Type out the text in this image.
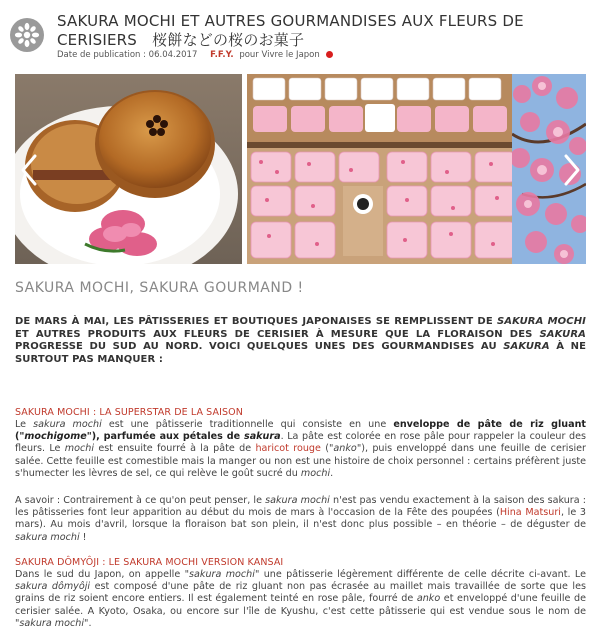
SAKURA MOCHI ET AUTRES GOURMANDISES AUX FLEURS DE CERISIERS　桜餅などの桜のお菓子
Date de publication : 06.04.2017 F.F.Y. pour Vivre le Japon
SAKURA MOCHI, SAKURA GOURMAND !
DE MARS À MAI, LES PÂTISSERIES ET BOUTIQUES JAPONAISES SE REMPLISSENT DE SAKURA MOCHI ET AUTRES PRODUITS AUX FLEURS DE CERISIER À MESURE QUE LA FLORAISON DES SAKURA PROGRESSE DU SUD AU NORD. VOICI QUELQUES UNES DES GOURMANDISES AU SAKURA À NE SURTOUT PAS MANQUER :
SAKURA MOCHI : LA SUPERSTAR DE LA SAISON
Le sakura mochi est une pâtisserie traditionnelle qui consiste en une enveloppe de pâte de riz gluant ("mochigome"), parfumée aux pétales de sakura. La pâte est colorée en rose pâle pour rappeler la couleur des fleurs. Le mochi est ensuite fourré à la pâte de haricot rouge ("anko"), puis enveloppé dans une feuille de cerisier salée. Cette feuille est comestible mais la manger ou non est une histoire de choix personnel : certains préfèrent juste s'humecter les lèvres de sel, ce qui relève le goût sucré du mochi.
A savoir : Contrairement à ce qu'on peut penser, le sakura mochi n'est pas vendu exactement à la saison des sakura : les pâtisseries font leur apparition au début du mois de mars à l'occasion de la Fête des poupées (Hina Matsuri, le 3 mars). Au mois d'avril, lorsque la floraison bat son plein, il n'est donc plus possible – en théorie – de déguster de sakura mochi !
SAKURA DÔMYÔJI : LE SAKURA MOCHI VERSION KANSAI
Dans le sud du Japon, on appelle "sakura mochi" une pâtisserie légèrement différente de celle décrite ci-avant. Le sakura dômyôji est composé d'une pâte de riz gluant non pas écrasée au maillet mais travaillée de sorte que les grains de riz soient encore entiers. Il est également teinté en rose pâle, fourré de anko et enveloppé d'une feuille de cerisier salée. A Kyoto, Osaka, ou encore sur l'île de Kyushu, c'est cette pâtisserie qui est vendue sous le nom de "sakura mochi".
